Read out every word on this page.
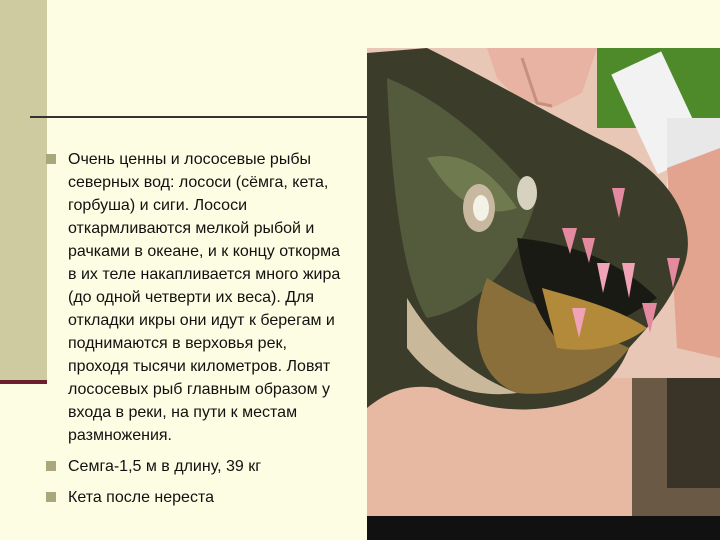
Очень ценны и лососевые рыбы северных вод: лососи (сёмга, кета, горбуша) и сиги. Лососи откармливаются мелкой рыбой и рачками в океане, и к концу откорма в их теле накапливается много жира (до одной четверти их веса). Для откладки икры они идут к берегам и поднимаются в верховья рек, проходя тысячи километров. Ловят лососевых рыб главным образом у входа в реки, на пути к местам размножения.
Семга-1,5 м в длину, 39 кг
Кета после нереста
